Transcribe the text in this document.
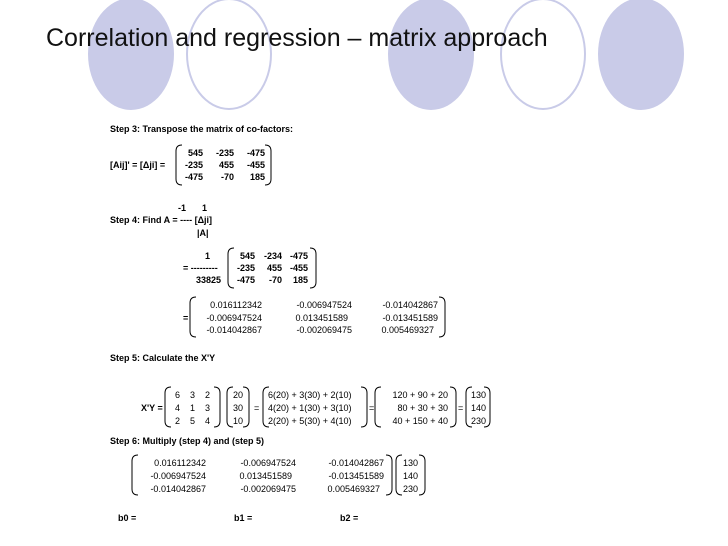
Correlation and regression – matrix approach
Step 3: Transpose the matrix of co-factors:
[Aij]' = [Δji] =
545	-235	-475
-235	455	-455
-475	-70	185
-1 1
Step 4: Find A = ---- [Δji]
|A|
1
= ---------
33825
545 -234 -475
-235	455 -455
-475	-70	185
=
0.016112342	-0.006947524	-0.014042867
-0.006947524	0.013451589	-0.013451589
-0.014042867	-0.002069475	0.005469327
Step 5: Calculate the X'Y
X'Y =
6	3	2
4	1	3
2	5	4
20
30
10
=
6(20) + 3(30) + 2(10)
4(20) + 1(30) + 3(10)
2(20) + 5(30) + 4(10)
=
120 + 90 + 20
80 + 30 + 30
40 + 150 + 40
=
130
140
230
Step 6: Multiply (step 4) and (step 5)
0.016112342	-0.006947524	-0.014042867
-0.006947524	0.013451589	-0.013451589
-0.014042867	-0.002069475	0.005469327
130
140
230
b0 =	b1 =	b2 =
